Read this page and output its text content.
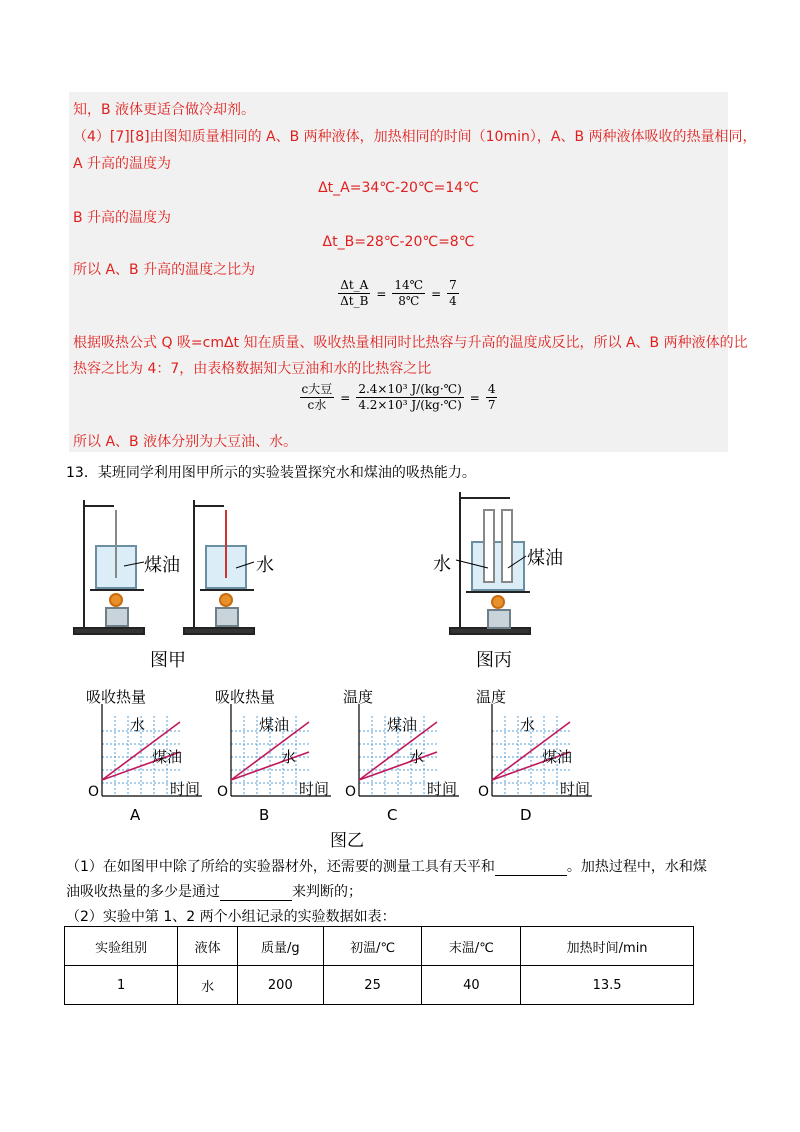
知，B 液体更适合做冷却剂。
（4）[7][8]由图知质量相同的 A、B 两种液体，加热相同的时间（10min），A、B 两种液体吸收的热量相同，
A 升高的温度为
Δt_A=34℃-20℃=14℃
B 升高的温度为
Δt_B=28℃-20℃=8℃
所以 A、B 升高的温度之比为
$\frac{\Delta t\_A}{\Delta t\_B} = \frac{14℃}{8℃} = \frac{7}{4}$
根据吸热公式 Q 吸=cmΔt 知在质量、吸收热量相同时比热容与升高的温度成反比，所以 A、B 两种液体的比
热容之比为 4：7，由表格数据知大豆油和水的比热容之比
$\frac{\text{c大豆}}{\text{c水}} = \frac{\text{2.4×10³ J/(kg·℃)}}{\text{4.2×10³ J/(kg·℃)}} = \frac{4}{7}$
所以 A、B 液体分别为大豆油、水。
13．某班同学利用图甲所示的实验装置探究水和煤油的吸热能力。
煤油	水	水	煤油
图甲	图丙
吸收热量
时间
O
水
煤油
A
吸收热量
时间
O
煤油
水
B
温度
时间
O
煤油
水
C
温度
时间
O
水
煤油
D
图乙
（1）在如图甲中除了所给的实验器材外，还需要的测量工具有天平和	。加热过程中，水和煤
油吸收热量的多少是通过	来判断的；
（2）实验中第 1、2 两个小组记录的实验数据如表：
实验组别	液体	质量/g	初温/℃	末温/℃	加热时间/min
1	水	200	25	40	13.5
